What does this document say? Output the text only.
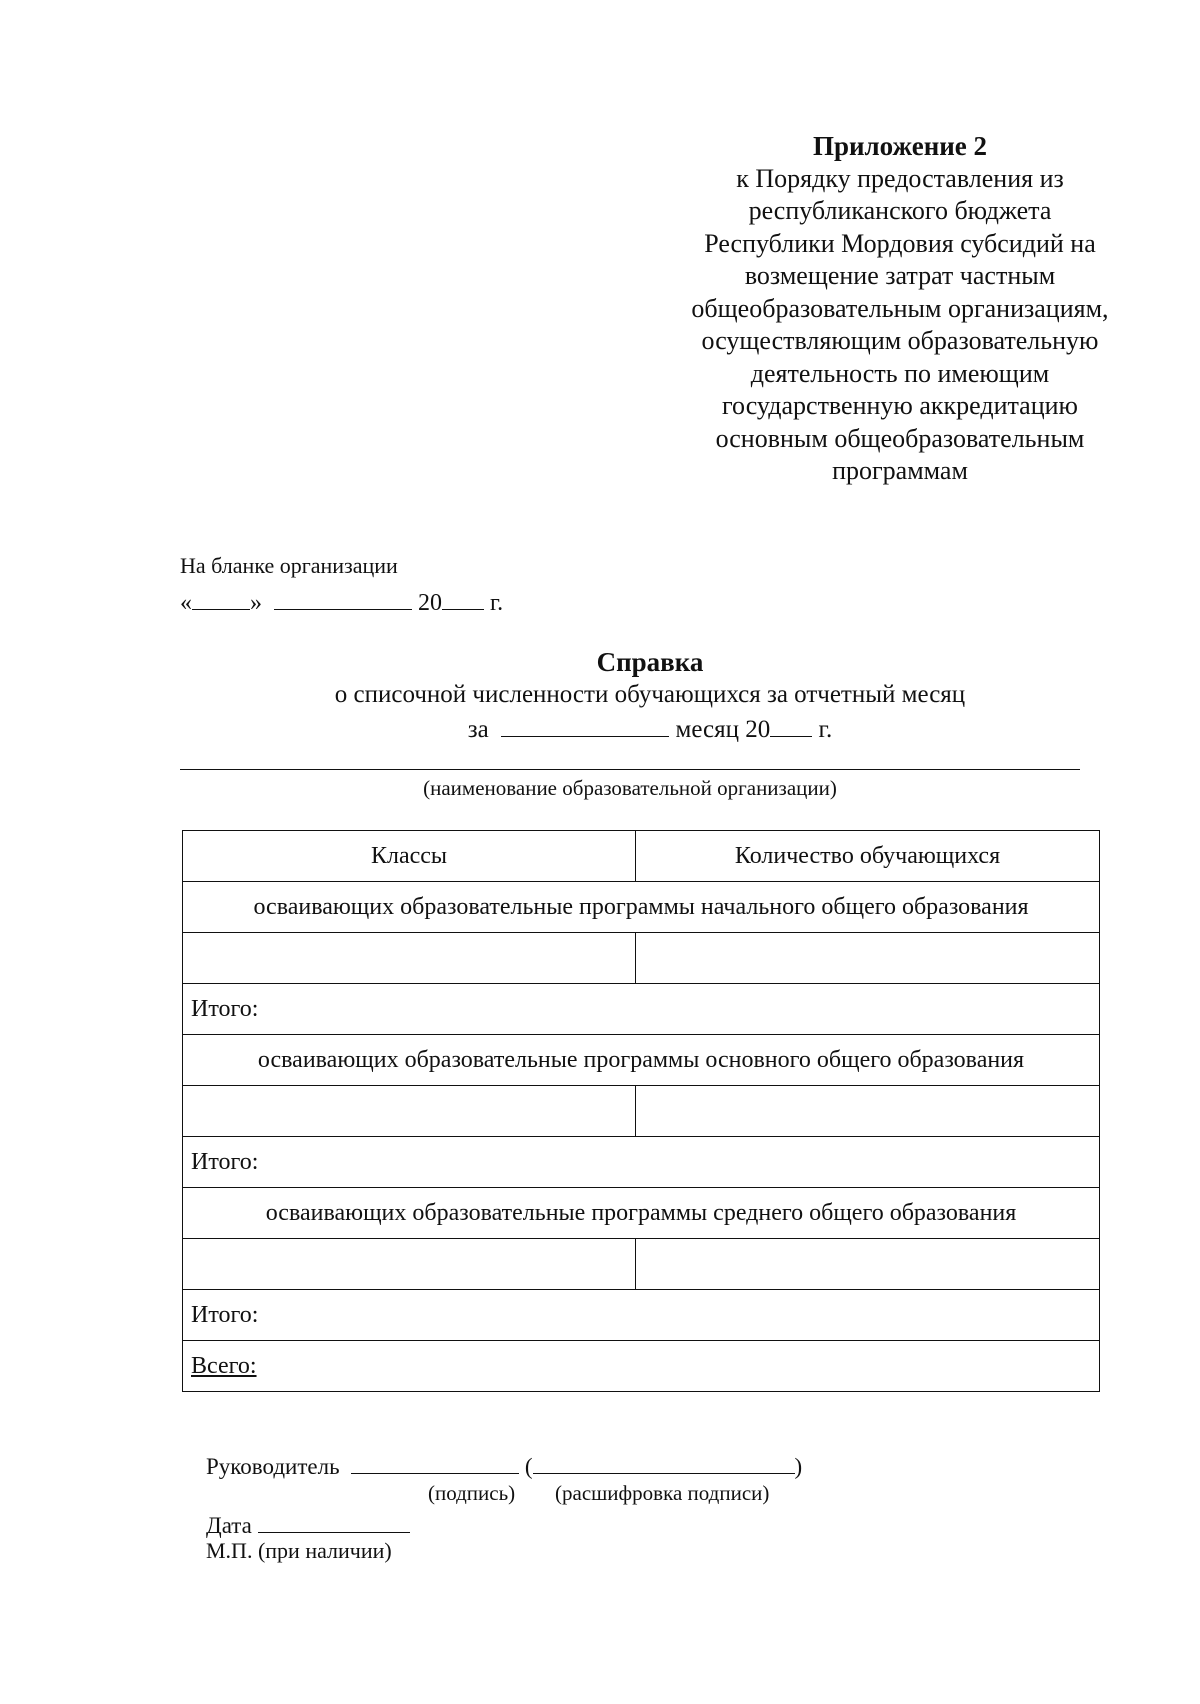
Приложение 2
к Порядку предоставления из
республиканского бюджета
Республики Мордовия субсидий на
возмещение затрат частным
общеобразовательным организациям,
осуществляющим образовательную
деятельность по имеющим
государственную аккредитацию
основным общеобразовательным
программам
На бланке организации
« »	20 г.
Справка
о списочной численности обучающихся за отчетный месяц
за	месяц 20 г.
(наименование образовательной организации)
Классы	Количество обучающихся
осваивающих образовательные программы начального общего образования	

Итого:	
осваивающих образовательные программы основного общего образования	

Итого:	
осваивающих образовательные программы среднего общего образования	

Итого:	
Всего:	
Руководитель	(	)
(подпись) (расшифровка подписи)
Дата
М.П. (при наличии)
